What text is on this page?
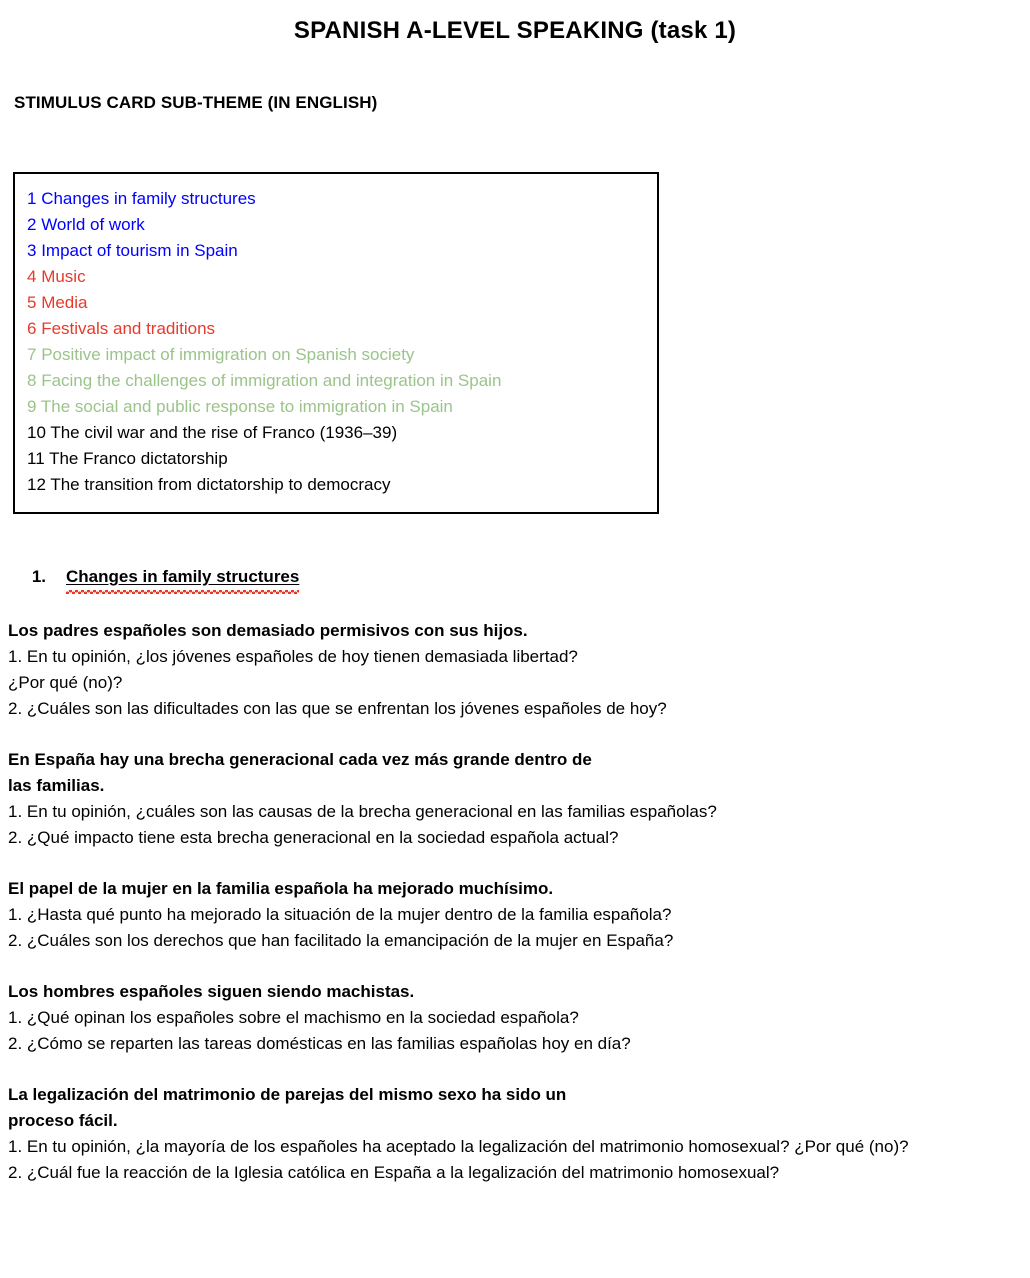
SPANISH A-LEVEL SPEAKING (task 1)
STIMULUS CARD SUB-THEME (IN ENGLISH)
1 Changes in family structures
2 World of work
3 Impact of tourism in Spain
4 Music
5 Media
6 Festivals and traditions
7 Positive impact of immigration on Spanish society
8 Facing the challenges of immigration and integration in Spain
9 The social and public response to immigration in Spain
10 The civil war and the rise of Franco (1936–39)
11 The Franco dictatorship
12 The transition from dictatorship to democracy
1. Changes in family structures

Los padres españoles son demasiado permisivos con sus hijos.

1. En tu opinión, ¿los jóvenes españoles de hoy tienen demasiada libertad?

¿Por qué (no)?

2. ¿Cuáles son las dificultades con las que se enfrentan los jóvenes españoles de hoy?

En España hay una brecha generacional cada vez más grande dentro de

las familias.

1. En tu opinión, ¿cuáles son las causas de la brecha generacional en las familias españolas?

2. ¿Qué impacto tiene esta brecha generacional en la sociedad española actual?

El papel de la mujer en la familia española ha mejorado muchísimo.

1. ¿Hasta qué punto ha mejorado la situación de la mujer dentro de la familia española?

2. ¿Cuáles son los derechos que han facilitado la emancipación de la mujer en España?

Los hombres españoles siguen siendo machistas.

1. ¿Qué opinan los españoles sobre el machismo en la sociedad española?

2. ¿Cómo se reparten las tareas domésticas en las familias españolas hoy en día?

La legalización del matrimonio de parejas del mismo sexo ha sido un

proceso fácil.

1. En tu opinión, ¿la mayoría de los españoles ha aceptado la legalización del matrimonio homosexual? ¿Por qué (no)?

2. ¿Cuál fue la reacción de la Iglesia católica en España a la legalización del matrimonio homosexual?
